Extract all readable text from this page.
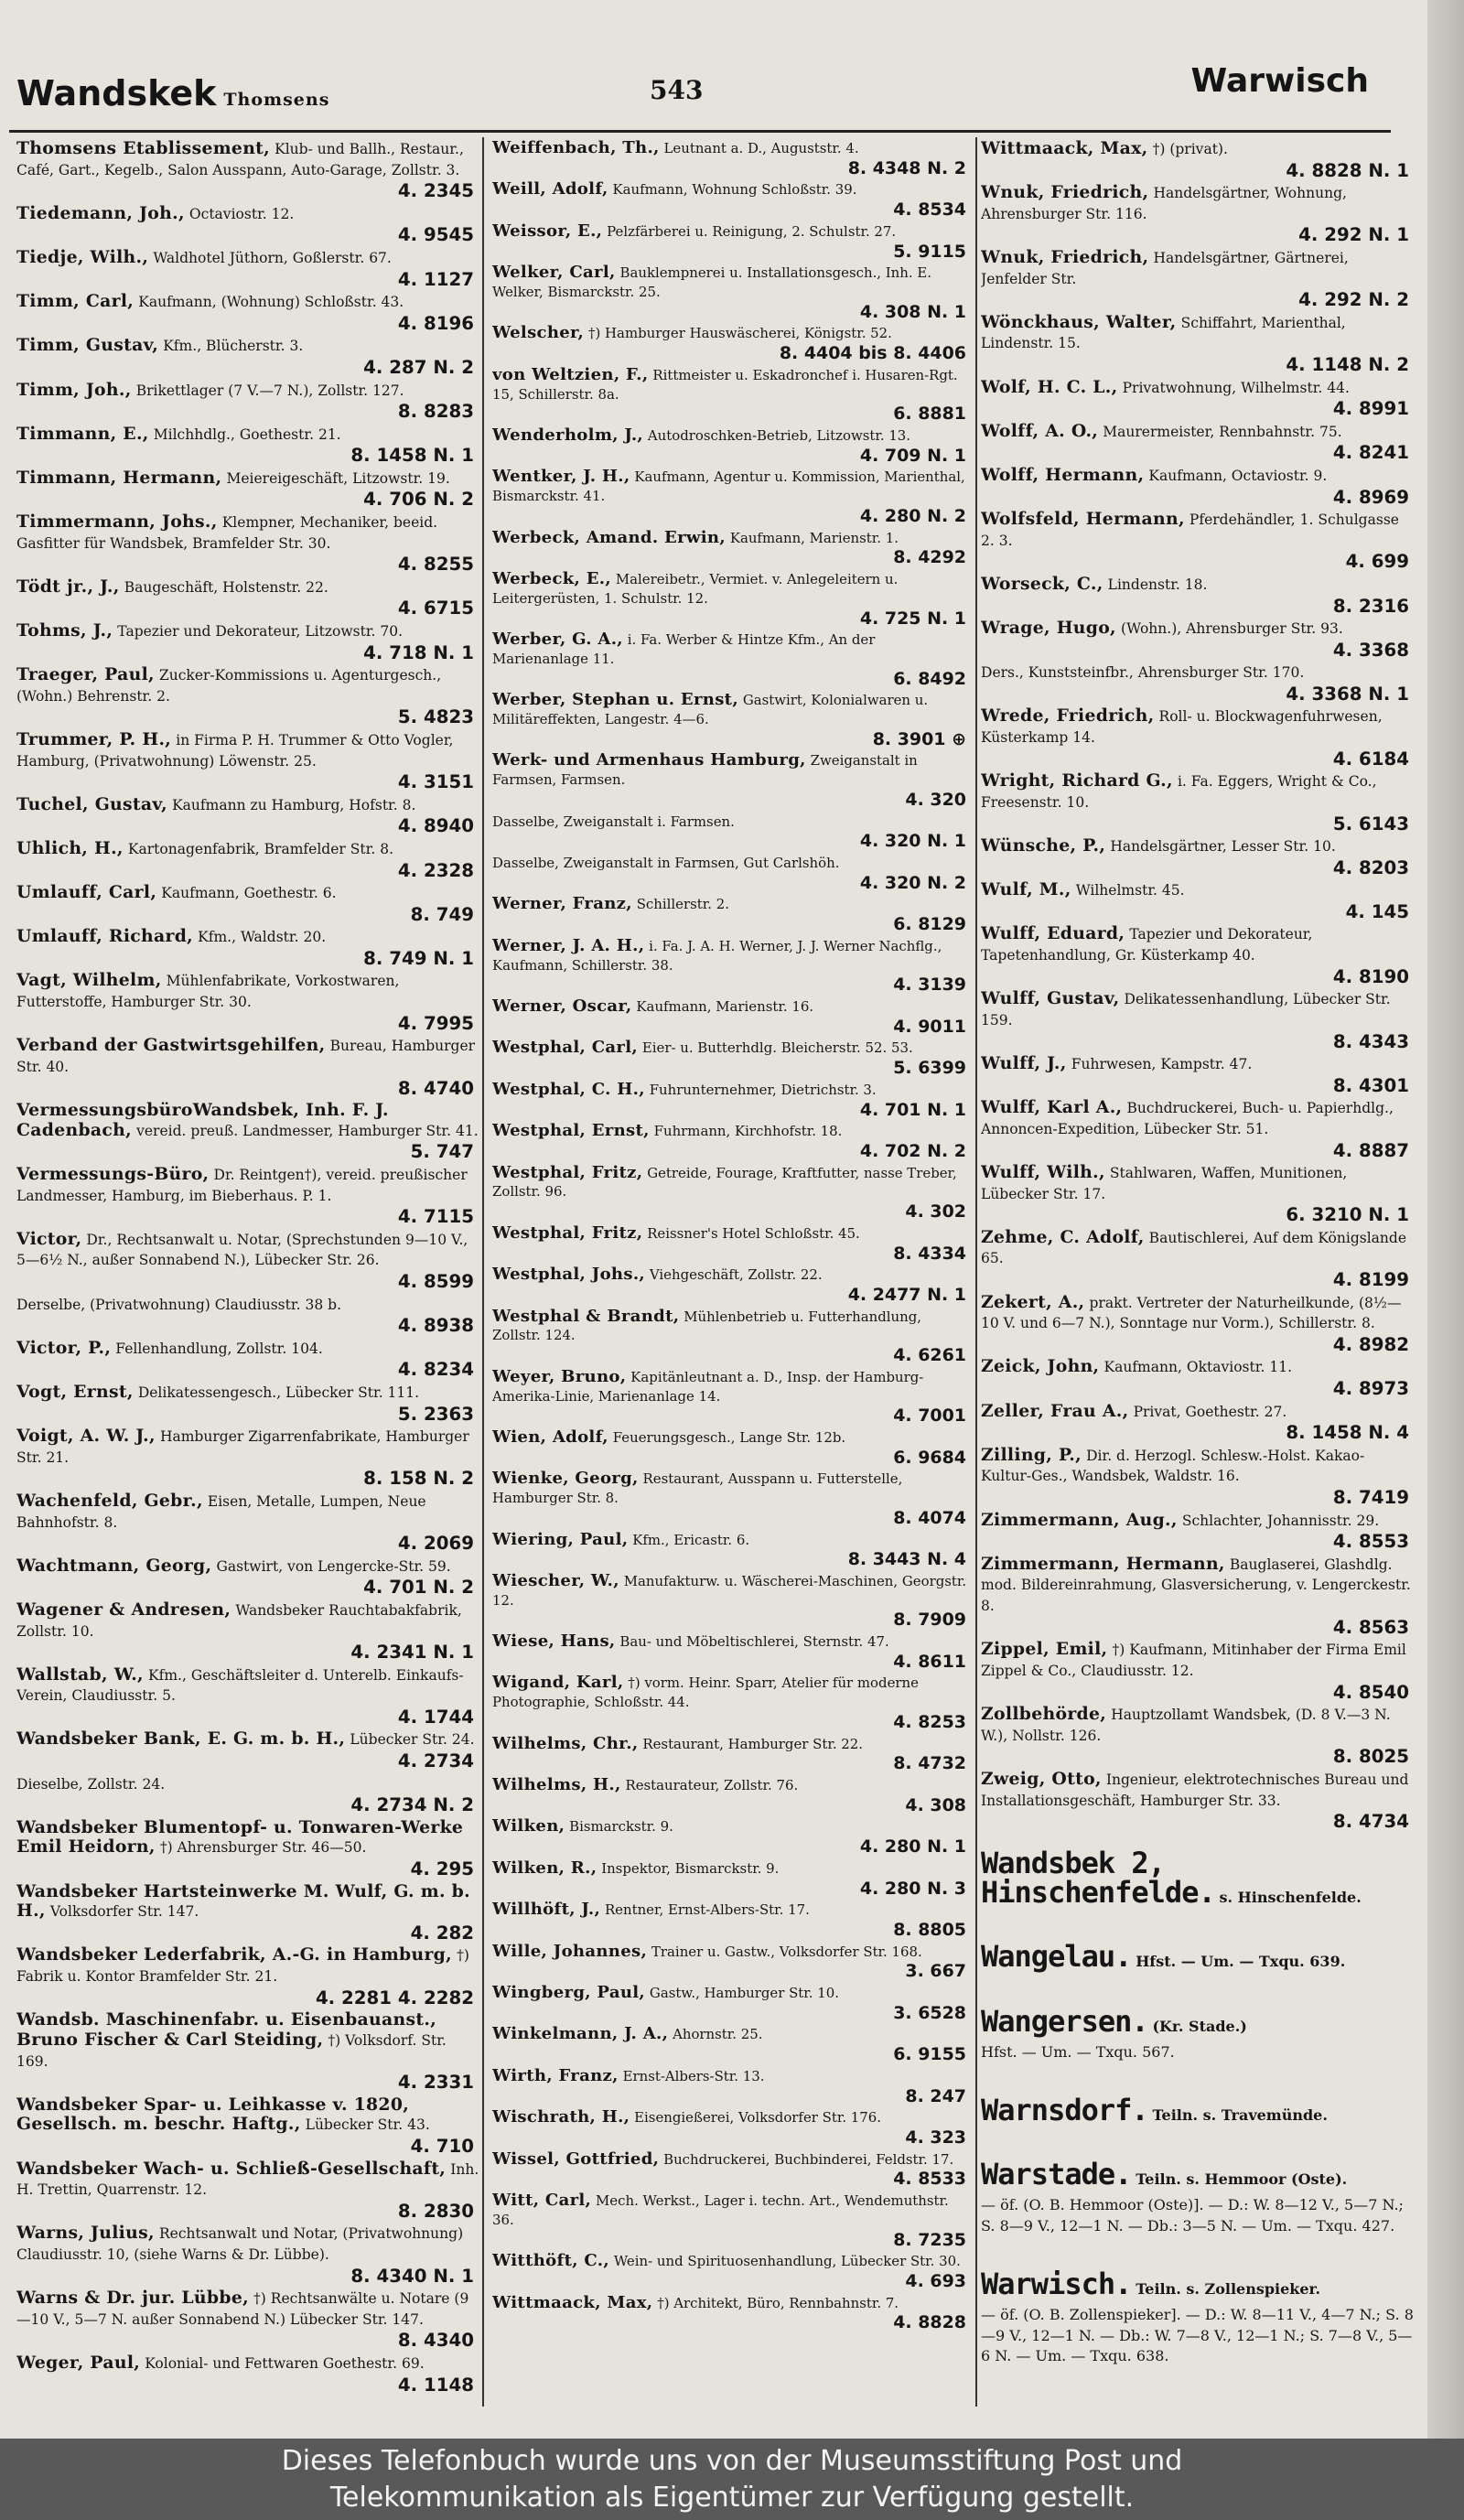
Wandskek Thomsens	543	Warwisch
Thomsens Etablissement, Klub- und Ballh., Restaur., Café, Gart., Kegelb., Salon Ausspann, Auto-Garage, Zollstr. 3.
4. 2345
Tiedemann, Joh., Octaviostr. 12.
4. 9545
Tiedje, Wilh., Waldhotel Jüthorn, Goßlerstr. 67.
4. 1127
Timm, Carl, Kaufmann, (Wohnung) Schloßstr. 43.
4. 8196
Timm, Gustav, Kfm., Blücherstr. 3.
4. 287 N. 2
Timm, Joh., Brikettlager (7 V.—7 N.), Zollstr. 127.
8. 8283
Timmann, E., Milchhdlg., Goethestr. 21.
8. 1458 N. 1
Timmann, Hermann, Meiereigeschäft, Litzowstr. 19.
4. 706 N. 2
Timmermann, Johs., Klempner, Mechaniker, beeid. Gasfitter für Wandsbek, Bramfelder Str. 30.
4. 8255
Tödt jr., J., Baugeschäft, Holstenstr. 22.
4. 6715
Tohms, J., Tapezier und Dekorateur, Litzowstr. 70.
4. 718 N. 1
Traeger, Paul, Zucker-Kommissions u. Agenturgesch., (Wohn.) Behrenstr. 2.
5. 4823
Trummer, P. H., in Firma P. H. Trummer & Otto Vogler, Hamburg, (Privatwohnung) Löwenstr. 25.
4. 3151
Tuchel, Gustav, Kaufmann zu Hamburg, Hofstr. 8.
4. 8940
Uhlich, H., Kartonagenfabrik, Bramfelder Str. 8.
4. 2328
Umlauff, Carl, Kaufmann, Goethestr. 6.
8. 749
Umlauff, Richard, Kfm., Waldstr. 20.
8. 749 N. 1
Vagt, Wilhelm, Mühlenfabrikate, Vorkostwaren, Futterstoffe, Hamburger Str. 30.
4. 7995
Verband der Gastwirtsgehilfen, Bureau, Hamburger Str. 40.
8. 4740
VermessungsbüroWandsbek, Inh. F. J. Cadenbach, vereid. preuß. Landmesser, Hamburger Str. 41.
5. 747
Vermessungs-Büro, Dr. Reintgen†), vereid. preußischer Landmesser, Hamburg, im Bieberhaus. P. 1.
4. 7115
Victor, Dr., Rechtsanwalt u. Notar, (Sprechstunden 9—10 V., 5—6½ N., außer Sonnabend N.), Lübecker Str. 26.
4. 8599
Derselbe, (Privatwohnung) Claudiusstr. 38 b.
4. 8938
Victor, P., Fellenhandlung, Zollstr. 104.
4. 8234
Vogt, Ernst, Delikatessengesch., Lübecker Str. 111.
5. 2363
Voigt, A. W. J., Hamburger Zigarrenfabrikate, Hamburger Str. 21.
8. 158 N. 2
Wachenfeld, Gebr., Eisen, Metalle, Lumpen, Neue Bahnhofstr. 8.
4. 2069
Wachtmann, Georg, Gastwirt, von Lengercke-Str. 59.
4. 701 N. 2
Wagener & Andresen, Wandsbeker Rauchtabakfabrik, Zollstr. 10.
4. 2341 N. 1
Wallstab, W., Kfm., Geschäftsleiter d. Unterelb. Einkaufs-Verein, Claudiusstr. 5.
4. 1744
Wandsbeker Bank, E. G. m. b. H., Lübecker Str. 24.
4. 2734
Dieselbe, Zollstr. 24.
4. 2734 N. 2
Wandsbeker Blumentopf- u. Tonwaren-Werke Emil Heidorn, †) Ahrensburger Str. 46—50.
4. 295
Wandsbeker Hartsteinwerke M. Wulf, G. m. b. H., Volksdorfer Str. 147.
4. 282
Wandsbeker Lederfabrik, A.-G. in Hamburg, †) Fabrik u. Kontor Bramfelder Str. 21.
4. 2281 4. 2282
Wandsb. Maschinenfabr. u. Eisenbauanst., Bruno Fischer & Carl Steiding, †) Volksdorf. Str. 169.
4. 2331
Wandsbeker Spar- u. Leihkasse v. 1820, Gesellsch. m. beschr. Haftg., Lübecker Str. 43.
4. 710
Wandsbeker Wach- u. Schließ-Gesellschaft, Inh. H. Trettin, Quarrenstr. 12.
8. 2830
Warns, Julius, Rechtsanwalt und Notar, (Privatwohnung) Claudiusstr. 10, (siehe Warns & Dr. Lübbe).
8. 4340 N. 1
Warns & Dr. jur. Lübbe, †) Rechtsanwälte u. Notare (9—10 V., 5—7 N. außer Sonnabend N.) Lübecker Str. 147.
8. 4340
Weger, Paul, Kolonial- und Fettwaren Goethestr. 69.
4. 1148
Weiffenbach, Th., Leutnant a. D., Auguststr. 4.
8. 4348 N. 2
Weill, Adolf, Kaufmann, Wohnung Schloßstr. 39.
4. 8534
Weissor, E., Pelzfärberei u. Reinigung, 2. Schulstr. 27.
5. 9115
Welker, Carl, Bauklempnerei u. Installationsgesch., Inh. E. Welker, Bismarckstr. 25.
4. 308 N. 1
Welscher, †) Hamburger Hauswäscherei, Königstr. 52.
8. 4404 bis 8. 4406
von Weltzien, F., Rittmeister u. Eskadronchef i. Husaren-Rgt. 15, Schillerstr. 8a.
6. 8881
Wenderholm, J., Autodroschken-Betrieb, Litzowstr. 13.
4. 709 N. 1
Wentker, J. H., Kaufmann, Agentur u. Kommission, Marienthal, Bismarckstr. 41.
4. 280 N. 2
Werbeck, Amand. Erwin, Kaufmann, Marienstr. 1.
8. 4292
Werbeck, E., Malereibetr., Vermiet. v. Anlegeleitern u. Leitergerüsten, 1. Schulstr. 12.
4. 725 N. 1
Werber, G. A., i. Fa. Werber & Hintze Kfm., An der Marienanlage 11.
6. 8492
Werber, Stephan u. Ernst, Gastwirt, Kolonialwaren u. Militäreffekten, Langestr. 4—6.
8. 3901 ⊕
Werk- und Armenhaus Hamburg, Zweiganstalt in Farmsen, Farmsen.
4. 320
Dasselbe, Zweiganstalt i. Farmsen.
4. 320 N. 1
Dasselbe, Zweiganstalt in Farmsen, Gut Carlshöh.
4. 320 N. 2
Werner, Franz, Schillerstr. 2.
6. 8129
Werner, J. A. H., i. Fa. J. A. H. Werner, J. J. Werner Nachflg., Kaufmann, Schillerstr. 38.
4. 3139
Werner, Oscar, Kaufmann, Marienstr. 16.
4. 9011
Westphal, Carl, Eier- u. Butterhdlg. Bleicherstr. 52. 53.
5. 6399
Westphal, C. H., Fuhrunternehmer, Dietrichstr. 3.
4. 701 N. 1
Westphal, Ernst, Fuhrmann, Kirchhofstr. 18.
4. 702 N. 2
Westphal, Fritz, Getreide, Fourage, Kraftfutter, nasse Treber, Zollstr. 96.
4. 302
Westphal, Fritz, Reissner's Hotel Schloßstr. 45.
8. 4334
Westphal, Johs., Viehgeschäft, Zollstr. 22.
4. 2477 N. 1
Westphal & Brandt, Mühlenbetrieb u. Futterhandlung, Zollstr. 124.
4. 6261
Weyer, Bruno, Kapitänleutnant a. D., Insp. der Hamburg-Amerika-Linie, Marienanlage 14.
4. 7001
Wien, Adolf, Feuerungsgesch., Lange Str. 12b.
6. 9684
Wienke, Georg, Restaurant, Ausspann u. Futterstelle, Hamburger Str. 8.
8. 4074
Wiering, Paul, Kfm., Ericastr. 6.
8. 3443 N. 4
Wiescher, W., Manufakturw. u. Wäscherei-Maschinen, Georgstr. 12.
8. 7909
Wiese, Hans, Bau- und Möbeltischlerei, Sternstr. 47.
4. 8611
Wigand, Karl, †) vorm. Heinr. Sparr, Atelier für moderne Photographie, Schloßstr. 44.
4. 8253
Wilhelms, Chr., Restaurant, Hamburger Str. 22.
8. 4732
Wilhelms, H., Restaurateur, Zollstr. 76.
4. 308
Wilken, Bismarckstr. 9.
4. 280 N. 1
Wilken, R., Inspektor, Bismarckstr. 9.
4. 280 N. 3
Willhöft, J., Rentner, Ernst-Albers-Str. 17.
8. 8805
Wille, Johannes, Trainer u. Gastw., Volksdorfer Str. 168.
3. 667
Wingberg, Paul, Gastw., Hamburger Str. 10.
3. 6528
Winkelmann, J. A., Ahornstr. 25.
6. 9155
Wirth, Franz, Ernst-Albers-Str. 13.
8. 247
Wischrath, H., Eisengießerei, Volksdorfer Str. 176.
4. 323
Wissel, Gottfried, Buchdruckerei, Buchbinderei, Feldstr. 17.
4. 8533
Witt, Carl, Mech. Werkst., Lager i. techn. Art., Wendemuthstr. 36.
8. 7235
Witthöft, C., Wein- und Spirituosenhandlung, Lübecker Str. 30.
4. 693
Wittmaack, Max, †) Architekt, Büro, Rennbahnstr. 7.
4. 8828
Wittmaack, Max, †) (privat).
4. 8828 N. 1
Wnuk, Friedrich, Handelsgärtner, Wohnung, Ahrensburger Str. 116.
4. 292 N. 1
Wnuk, Friedrich, Handelsgärtner, Gärtnerei, Jenfelder Str.
4. 292 N. 2
Wönckhaus, Walter, Schiffahrt, Marienthal, Lindenstr. 15.
4. 1148 N. 2
Wolf, H. C. L., Privatwohnung, Wilhelmstr. 44.
4. 8991
Wolff, A. O., Maurermeister, Rennbahnstr. 75.
4. 8241
Wolff, Hermann, Kaufmann, Octaviostr. 9.
4. 8969
Wolfsfeld, Hermann, Pferdehändler, 1. Schulgasse 2. 3.
4. 699
Worseck, C., Lindenstr. 18.
8. 2316
Wrage, Hugo, (Wohn.), Ahrensburger Str. 93.
4. 3368
Ders., Kunststeinfbr., Ahrensburger Str. 170.
4. 3368 N. 1
Wrede, Friedrich, Roll- u. Blockwagenfuhrwesen, Küsterkamp 14.
4. 6184
Wright, Richard G., i. Fa. Eggers, Wright & Co., Freesenstr. 10.
5. 6143
Wünsche, P., Handelsgärtner, Lesser Str. 10.
4. 8203
Wulf, M., Wilhelmstr. 45.
4. 145
Wulff, Eduard, Tapezier und Dekorateur, Tapetenhandlung, Gr. Küsterkamp 40.
4. 8190
Wulff, Gustav, Delikatessenhandlung, Lübecker Str. 159.
8. 4343
Wulff, J., Fuhrwesen, Kampstr. 47.
8. 4301
Wulff, Karl A., Buchdruckerei, Buch- u. Papierhdlg., Annoncen-Expedition, Lübecker Str. 51.
4. 8887
Wulff, Wilh., Stahlwaren, Waffen, Munitionen, Lübecker Str. 17.
6. 3210 N. 1
Zehme, C. Adolf, Bautischlerei, Auf dem Königslande 65.
4. 8199
Zekert, A., prakt. Vertreter der Naturheilkunde, (8½—10 V. und 6—7 N.), Sonntage nur Vorm.), Schillerstr. 8.
4. 8982
Zeick, John, Kaufmann, Oktaviostr. 11.
4. 8973
Zeller, Frau A., Privat, Goethestr. 27.
8. 1458 N. 4
Zilling, P., Dir. d. Herzogl. Schlesw.-Holst. Kakao-Kultur-Ges., Wandsbek, Waldstr. 16.
8. 7419
Zimmermann, Aug., Schlachter, Johannisstr. 29.
4. 8553
Zimmermann, Hermann, Bauglaserei, Glashdlg. mod. Bildereinrahmung, Glasversicherung, v. Lengerckestr. 8.
4. 8563
Zippel, Emil, †) Kaufmann, Mitinhaber der Firma Emil Zippel & Co., Claudiusstr. 12.
4. 8540
Zollbehörde, Hauptzollamt Wandsbek, (D. 8 V.—3 N. W.), Nollstr. 126.
8. 8025
Zweig, Otto, Ingenieur, elektrotechnisches Bureau und Installationsgeschäft, Hamburger Str. 33.
8. 4734
Wandsbek 2, Hinschenfelde. s. Hinschenfelde.
Wangelau. Hfst. — Um. — Txqu. 639.
Wangersen. (Kr. Stade.)
Hfst. — Um. — Txqu. 567.
Warnsdorf. Teiln. s. Travemünde.
Warstade. Teiln. s. Hemmoor (Oste).
— öf. (O. B. Hemmoor (Oste)]. — D.: W. 8—12 V., 5—7 N.; S. 8—9 V., 12—1 N. — Db.: 3—5 N. — Um. — Txqu. 427.
Warwisch. Teiln. s. Zollenspieker.
— öf. (O. B. Zollenspieker]. — D.: W. 8—11 V., 4—7 N.; S. 8—9 V., 12—1 N. — Db.: W. 7—8 V., 12—1 N.; S. 7—8 V., 5—6 N. — Um. — Txqu. 638.
Dieses Telefonbuch wurde uns von der Museumsstiftung Post und
Telekommunikation als Eigentümer zur Verfügung gestellt.
